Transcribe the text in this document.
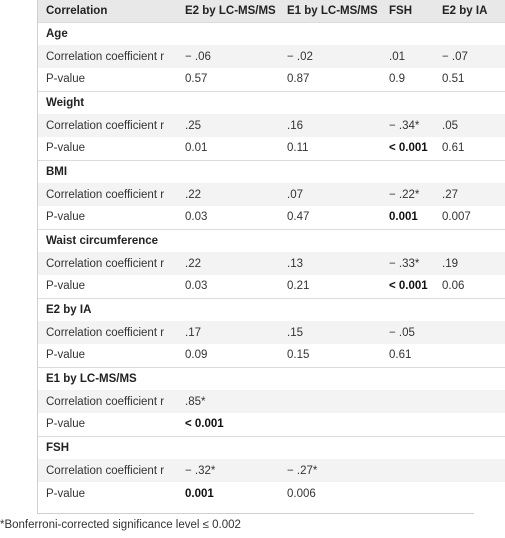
Correlation	E2 by LC-MS/MS	E1 by LC-MS/MS	FSH	E2 by IA
Age				
Correlation coefficient r	− .06	− .02	.01	− .07
P-value	0.57	0.87	0.9	0.51
Weight				
Correlation coefficient r	.25	.16	− .34*	.05
P-value	0.01	0.11	< 0.001	0.61
BMI				
Correlation coefficient r	.22	.07	− .22*	.27
P-value	0.03	0.47	0.001	0.007
Waist circumference				
Correlation coefficient r	.22	.13	− .33*	.19
P-value	0.03	0.21	< 0.001	0.06
E2 by IA				
Correlation coefficient r	.17	.15	− .05	
P-value	0.09	0.15	0.61	
E1 by LC-MS/MS				
Correlation coefficient r	.85*			
P-value	< 0.001			
FSH				
Correlation coefficient r	− .32*	− .27*		
P-value	0.001	0.006		
*Bonferroni-corrected significance level ≤ 0.002
